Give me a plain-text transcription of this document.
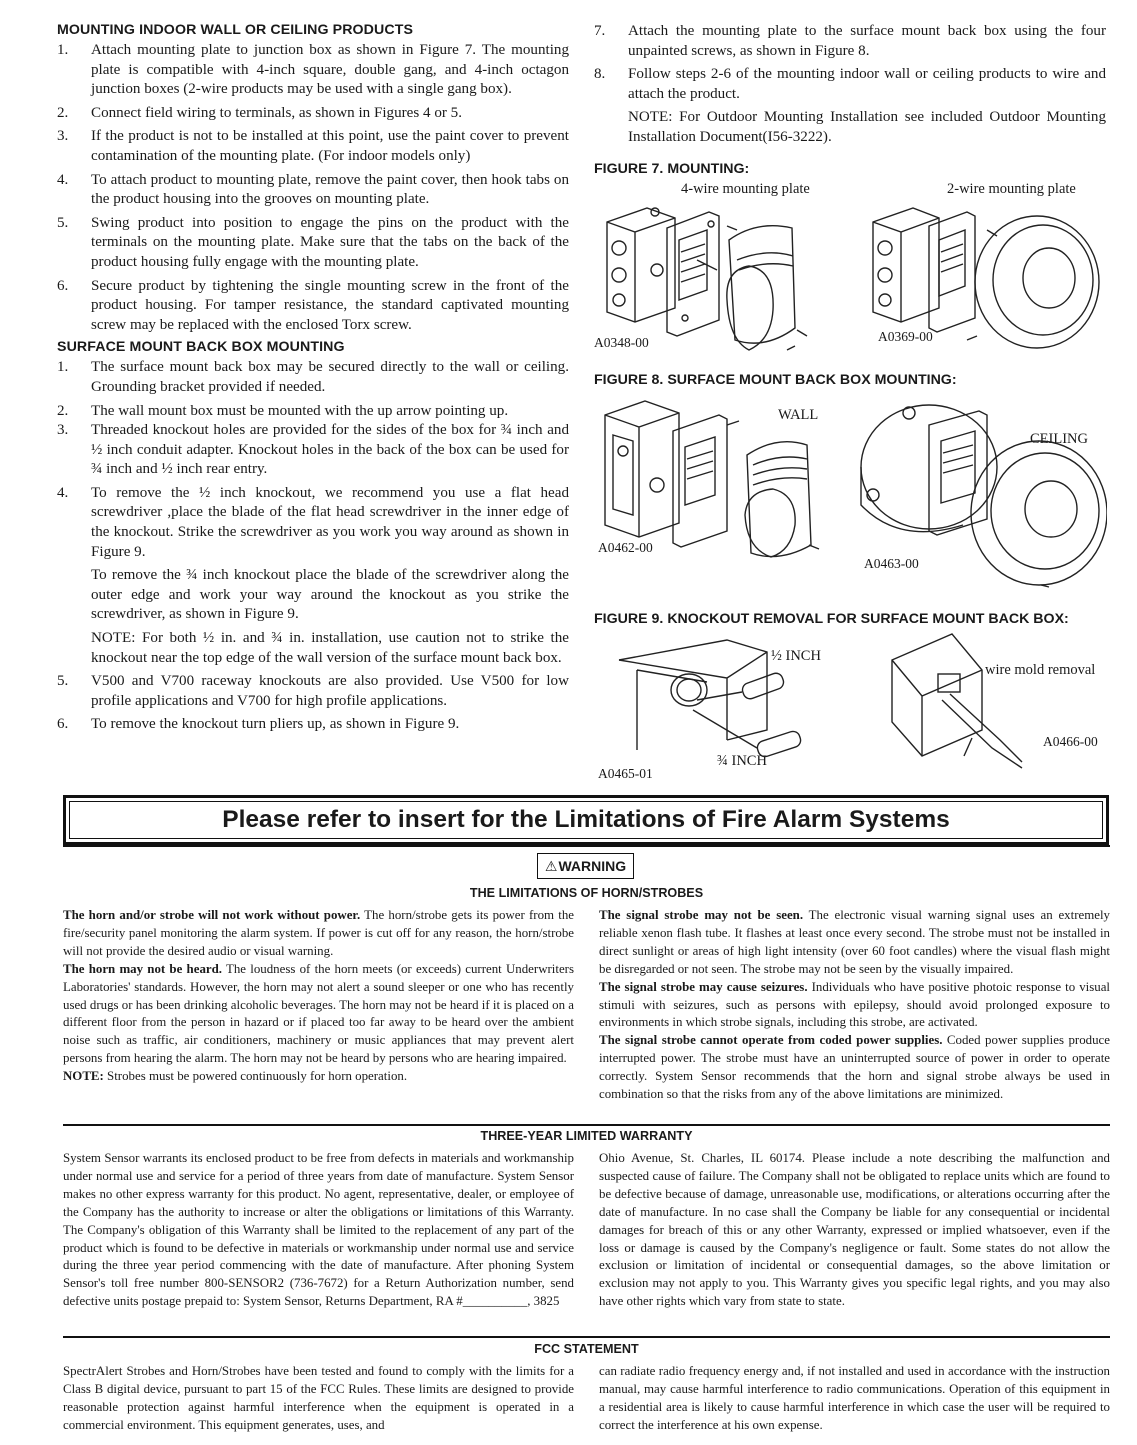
MOUNTING INDOOR WALL OR CEILING PRODUCTS
1. Attach mounting plate to junction box as shown in Figure 7. The mounting plate is compatible with 4-inch square, double gang, and 4-inch octagon junction boxes (2-wire products may be used with a single gang box).
2. Connect field wiring to terminals, as shown in Figures 4 or 5.
3. If the product is not to be installed at this point, use the paint cover to prevent contamination of the mounting plate. (For indoor models only)
4. To attach product to mounting plate, remove the paint cover, then hook tabs on the product housing into the grooves on mounting plate.
5. Swing product into position to engage the pins on the product with the terminals on the mounting plate. Make sure that the tabs on the back of the product housing fully engage with the mounting plate.
6. Secure product by tightening the single mounting screw in the front of the product housing. For tamper resistance, the standard captivated mounting screw may be replaced with the enclosed Torx screw.
SURFACE MOUNT BACK BOX MOUNTING
1. The surface mount back box may be secured directly to the wall or ceiling. Grounding bracket provided if needed.
2. The wall mount box must be mounted with the up arrow pointing up.
3. Threaded knockout holes are provided for the sides of the box for ¾ inch and ½ inch conduit adapter. Knockout holes in the back of the box can be used for ¾ inch and ½ inch rear entry.
4. To remove the ½ inch knockout, we recommend you use a flat head screwdriver ,place the blade of the flat head screwdriver in the inner edge of the knockout. Strike the screwdriver as you work you way around as shown in Figure 9.

To remove the ¾ inch knockout place the blade of the screwdriver along the outer edge and work your way around the knockout as you strike the screwdriver, as shown in Figure 9.

NOTE: For both ½ in. and ¾ in. installation, use caution not to strike the knockout near the top edge of the wall version of the surface mount back box.

5. V500 and V700 raceway knockouts are also provided. Use V500 for low profile applications and V700 for high profile applications.
6. To remove the knockout turn pliers up, as shown in Figure 9.
7. Attach the mounting plate to the surface mount back box using the four unpainted screws, as shown in Figure 8.
8. Follow steps 2-6 of the mounting indoor wall or ceiling products to wire and attach the product.

NOTE: For Outdoor Mounting Installation see included Outdoor Mounting Installation Document(I56-3222).

FIGURE 7. MOUNTING:
4-wire mounting plate	2-wire mounting plate
A0348-00	A0369-00
FIGURE 8. SURFACE MOUNT BACK BOX MOUNTING:
WALL
CEILING
A0462-00
A0463-00
FIGURE 9. KNOCKOUT REMOVAL FOR SURFACE MOUNT BACK BOX:
½ INCH
wire mold removal
¾ INCH
A0465-01
A0466-00
Please refer to insert for the Limitations of Fire Alarm Systems
⚠ WARNING
THE LIMITATIONS OF HORN/STROBES

The horn and/or strobe will not work without power. The horn/strobe gets its power from the fire/security panel monitoring the alarm system. If power is cut off for any reason, the horn/strobe will not provide the desired audio or visual warning.

The horn may not be heard. The loudness of the horn meets (or exceeds) current Underwriters Laboratories' standards. However, the horn may not alert a sound sleeper or one who has recently used drugs or has been drinking alcoholic beverages. The horn may not be heard if it is placed on a different floor from the person in hazard or if placed too far away to be heard over the ambient noise such as traffic, air conditioners, machinery or music appliances that may prevent alert persons from hearing the alarm. The horn may not be heard by persons who are hearing impaired.

NOTE: Strobes must be powered continuously for horn operation.

The signal strobe may not be seen. The electronic visual warning signal uses an extremely reliable xenon flash tube. It flashes at least once every second. The strobe must not be installed in direct sunlight or areas of high light intensity (over 60 foot candles) where the visual flash might be disregarded or not seen. The strobe may not be seen by the visually impaired.

The signal strobe may cause seizures. Individuals who have positive photoic response to visual stimuli with seizures, such as persons with epilepsy, should avoid prolonged exposure to environments in which strobe signals, including this strobe, are activated.

The signal strobe cannot operate from coded power supplies. Coded power supplies produce interrupted power. The strobe must have an uninterrupted source of power in order to operate correctly. System Sensor recommends that the horn and signal strobe always be used in combination so that the risks from any of the above limitations are minimized.

THREE-YEAR LIMITED WARRANTY

System Sensor warrants its enclosed product to be free from defects in materials and workmanship under normal use and service for a period of three years from date of manufacture. System Sensor makes no other express warranty for this product. No agent, representative, dealer, or employee of the Company has the authority to increase or alter the obligations or limitations of this Warranty. The Company's obligation of this Warranty shall be limited to the replacement of any part of the product which is found to be defective in materials or workmanship under normal use and service during the three year period commencing with the date of manufacture. After phoning System Sensor's toll free number 800-SENSOR2 (736-7672) for a Return Authorization number, send defective units postage prepaid to: System Sensor, Returns Department, RA #__________, 3825

Ohio Avenue, St. Charles, IL 60174. Please include a note describing the malfunction and suspected cause of failure. The Company shall not be obligated to replace units which are found to be defective because of damage, unreasonable use, modifications, or alterations occurring after the date of manufacture. In no case shall the Company be liable for any consequential or incidental damages for breach of this or any other Warranty, expressed or implied whatsoever, even if the loss or damage is caused by the Company's negligence or fault. Some states do not allow the exclusion or limitation of incidental or consequential damages, so the above limitation or exclusion may not apply to you. This Warranty gives you specific legal rights, and you may also have other rights which vary from state to state.

FCC STATEMENT

SpectrAlert Strobes and Horn/Strobes have been tested and found to comply with the limits for a Class B digital device, pursuant to part 15 of the FCC Rules. These limits are designed to provide reasonable protection against harmful interference when the equipment is operated in a commercial environment. This equipment generates, uses, and

can radiate radio frequency energy and, if not installed and used in accordance with the instruction manual, may cause harmful interference to radio communications. Operation of this equipment in a residential area is likely to cause harmful interference in which case the user will be required to correct the interference at his own expense.
